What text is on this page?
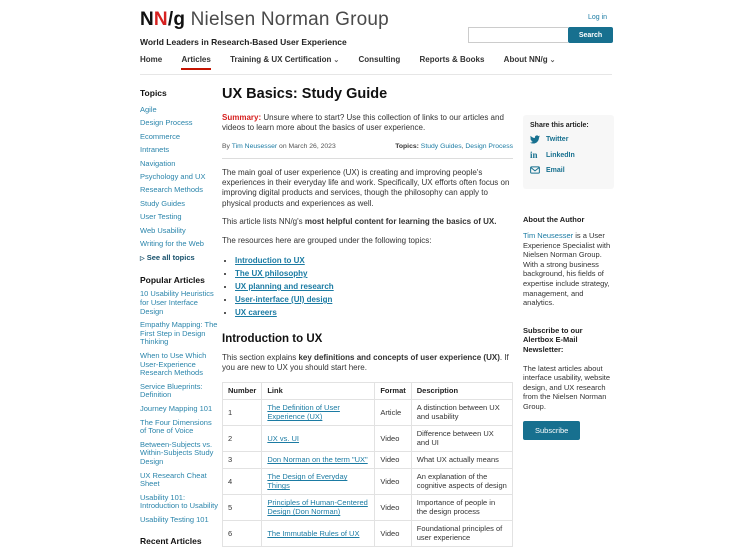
NN/g Nielsen Norman Group	Log in
World Leaders in Research-Based User Experience
Search
Home Articles Training & UX Certification ⌄ Consulting Reports & Books About NN/g ⌄
Topics
Agile
Design Process
Ecommerce
Intranets
Navigation
Psychology and UX
Research Methods
Study Guides
User Testing
Web Usability
Writing for the Web
▷ See all topics
Popular Articles
10 Usability Heuristics for User Interface Design
Empathy Mapping: The First Step in Design Thinking
When to Use Which User-Experience Research Methods
Service Blueprints: Definition
Journey Mapping 101
The Four Dimensions of Tone of Voice
Between-Subjects vs. Within-Subjects Study Design
UX Research Cheat Sheet
Usability 101: Introduction to Usability
Usability Testing 101
Recent Articles
UX Basics: Study Guide

Summary: Unsure where to start? Use this collection of links to our articles and videos to learn more about the basics of user experience.

By Tim Neusesser on March 26, 2023	Topics: Study Guides, Design Process

The main goal of user experience (UX) is creating and improving people's experiences in their everyday life and work. Specifically, UX efforts often focus on improving digital products and services, though the philosophy can apply to physical products and experiences as well.

This article lists NN/g's most helpful content for learning the basics of UX.

The resources here are grouped under the following topics:

• Introduction to UX
• The UX philosophy
• UX planning and research
• User-interface (UI) design
• UX careers
Introduction to UX

This section explains key definitions and concepts of user experience (UX). If you are new to UX you should start here.

Number	Link	Format	Description
1	The Definition of User Experience (UX)	Article	A distinction between UX and usability
2	UX vs. UI	Video	Difference between UX and UI
3	Don Norman on the term "UX"	Video	What UX actually means
4	The Design of Everyday Things	Video	An explanation of the cognitive aspects of design
5	Principles of Human-Centered Design (Don Norman)	Video	Importance of people in the design process
6	The Immutable Rules of UX	Video	Foundational principles of user experience
Share this article:
Twitter
in LinkedIn
Email
About the Author

Tim Neusesser is a User Experience Specialist with Nielsen Norman Group. With a strong business background, his fields of expertise include strategy, management, and analytics.

Subscribe to our Alertbox E-Mail Newsletter:

The latest articles about interface usability, website design, and UX research from the Nielsen Norman Group.

Subscribe
